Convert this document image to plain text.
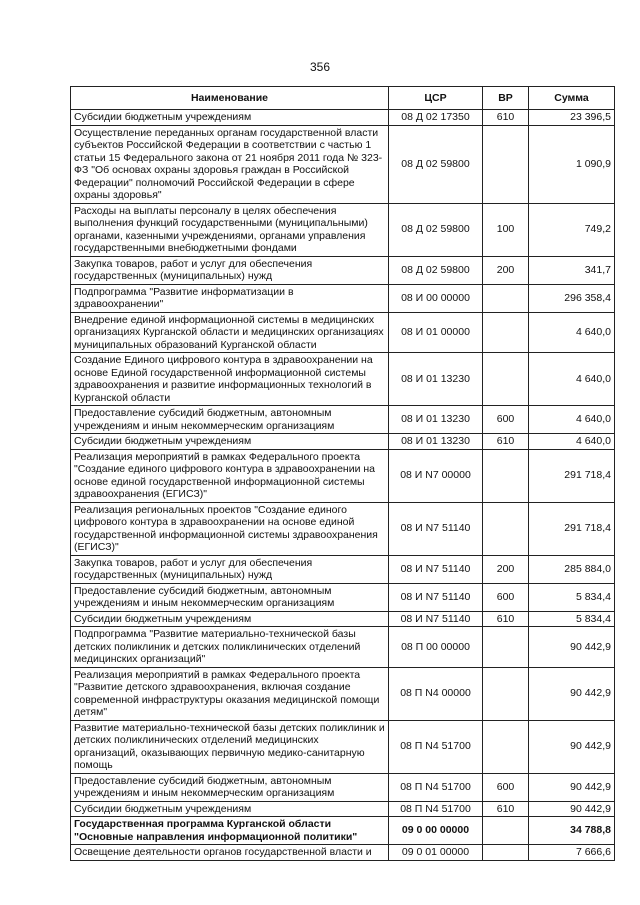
356
Наименование	ЦСР	ВР	Сумма
Субсидии бюджетным учреждениям	08 Д 02 17350	610	23 396,5
Осуществление переданных органам государственной власти субъектов Российской Федерации в соответствии с частью 1 статьи 15 Федерального закона от 21 ноября 2011 года № 323-ФЗ "Об основах охраны здоровья граждан в Российской Федерации" полномочий Российской Федерации в сфере охраны здоровья"	08 Д 02 59800		1 090,9
Расходы на выплаты персоналу в целях обеспечения выполнения функций государственными (муниципальными) органами, казенными учреждениями, органами управления государственными внебюджетными фондами	08 Д 02 59800	100	749,2
Закупка товаров, работ и услуг для обеспечения государственных (муниципальных) нужд	08 Д 02 59800	200	341,7
Подпрограмма "Развитие информатизации в здравоохранении"	08 И 00 00000		296 358,4
Внедрение единой информационной системы в медицинских организациях Курганской области и медицинских организациях муниципальных образований Курганской области	08 И 01 00000		4 640,0
Создание Единого цифрового контура в здравоохранении на основе Единой государственной информационной системы здравоохранения и развитие информационных технологий в Курганской области	08 И 01 13230		4 640,0
Предоставление субсидий бюджетным, автономным учреждениям и иным некоммерческим организациям	08 И 01 13230	600	4 640,0
Субсидии бюджетным учреждениям	08 И 01 13230	610	4 640,0
Реализация мероприятий в рамках Федерального проекта "Создание единого цифрового контура в здравоохранении на основе единой государственной информационной системы здравоохранения (ЕГИСЗ)"	08 И N7 00000		291 718,4
Реализация региональных проектов "Создание единого цифрового контура в здравоохранении на основе единой государственной информационной системы здравоохранения (ЕГИСЗ)"	08 И N7 51140		291 718,4
Закупка товаров, работ и услуг для обеспечения государственных (муниципальных) нужд	08 И N7 51140	200	285 884,0
Предоставление субсидий бюджетным, автономным учреждениям и иным некоммерческим организациям	08 И N7 51140	600	5 834,4
Субсидии бюджетным учреждениям	08 И N7 51140	610	5 834,4
Подпрограмма "Развитие материально-технической базы детских поликлиник и детских поликлинических отделений медицинских организаций"	08 П 00 00000		90 442,9
Реализация мероприятий в рамках Федерального проекта "Развитие детского здравоохранения, включая создание современной инфраструктуры оказания медицинской помощи детям"	08 П N4 00000		90 442,9
Развитие материально-технической базы детских поликлиник и детских поликлинических отделений медицинских организаций, оказывающих первичную медико-санитарную помощь	08 П N4 51700		90 442,9
Предоставление субсидий бюджетным, автономным учреждениям и иным некоммерческим организациям	08 П N4 51700	600	90 442,9
Субсидии бюджетным учреждениям	08 П N4 51700	610	90 442,9
Государственная программа Курганской области "Основные направления информационной политики"	09 0 00 00000		34 788,8
Освещение деятельности органов государственной власти и	09 0 01 00000		7 666,6
